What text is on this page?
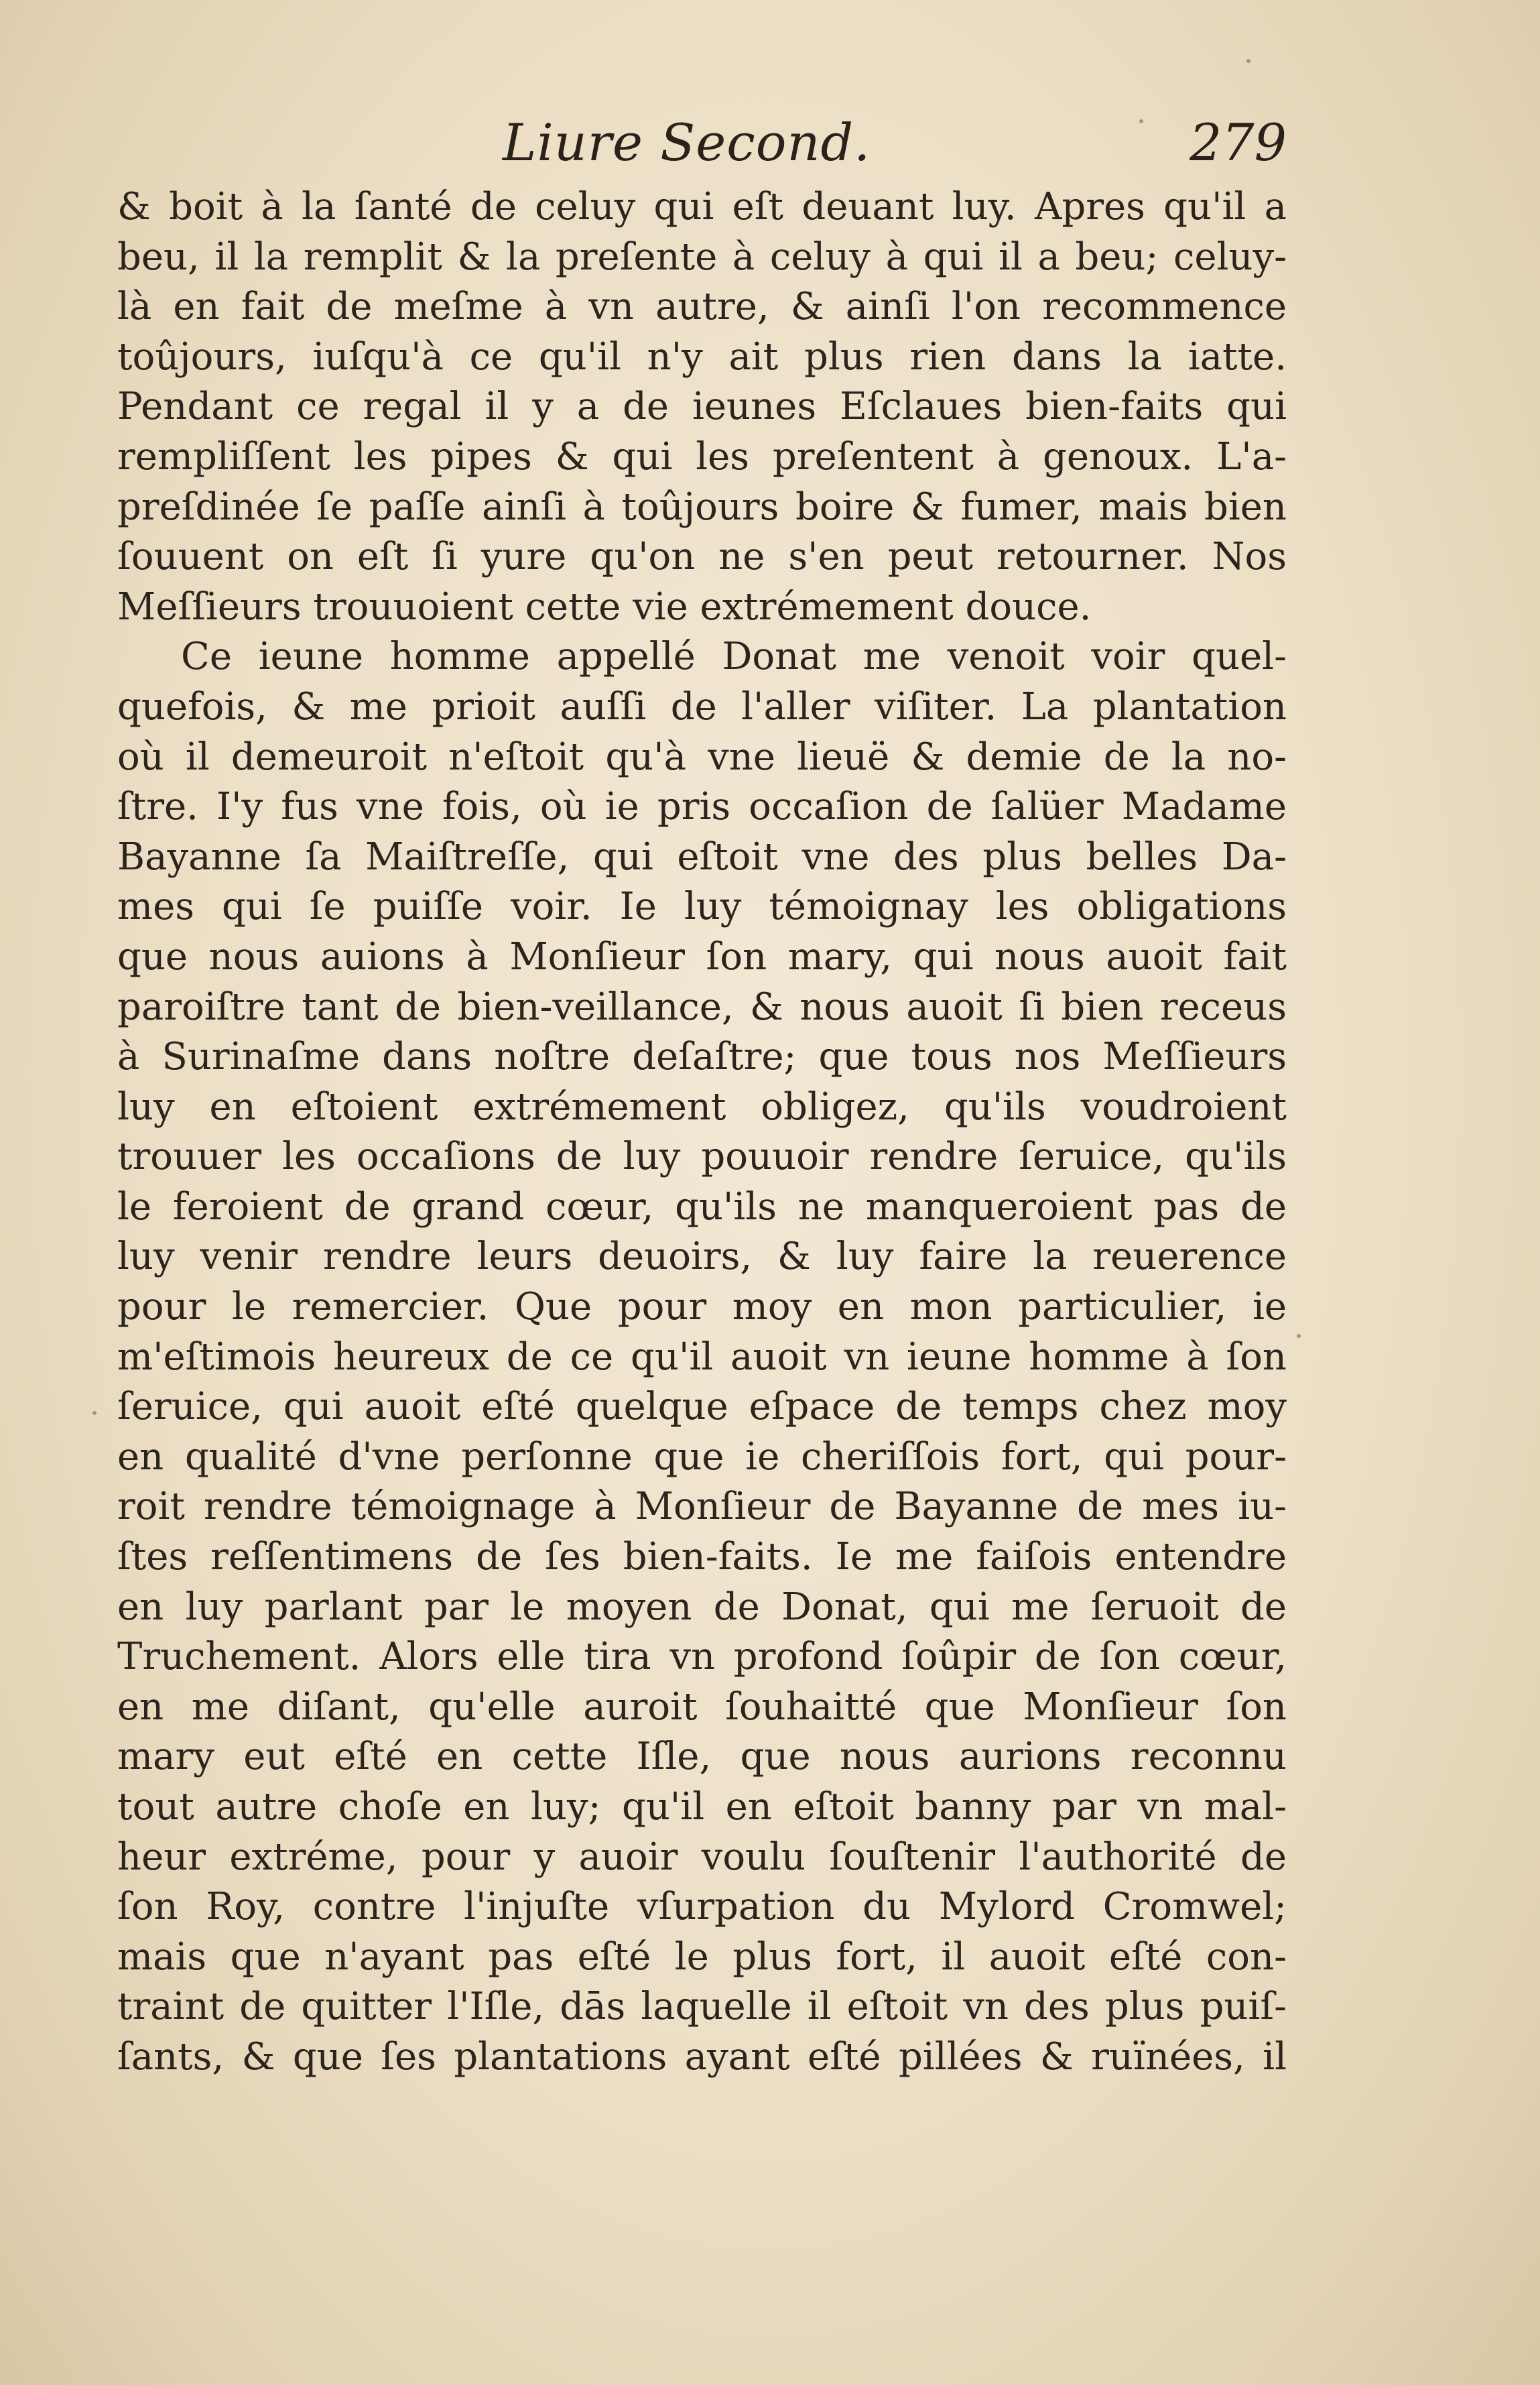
Liure Second.	279
& boit à la ſanté de celuy qui eſt deuant luy. Apres qu'il a
beu, il la remplit & la preſente à celuy à qui il a beu; celuy-
là en fait de meſme à vn autre, & ainſi l'on recommence
toûjours, iuſqu'à ce qu'il n'y ait plus rien dans la iatte.
Pendant ce regal il y a de ieunes Eſclaues bien-faits qui
rempliſſent les pipes & qui les preſentent à genoux. L'a-
preſdinée ſe paſſe ainſi à toûjours boire & fumer, mais bien
ſouuent on eſt ſi yure qu'on ne s'en peut retourner. Nos
Meſſieurs trouuoient cette vie extrémement douce.
Ce ieune homme appellé Donat me venoit voir quel-
quefois, & me prioit auſſi de l'aller viſiter. La plantation
où il demeuroit n'eſtoit qu'à vne lieuë & demie de la no-
ſtre. I'y fus vne fois, où ie pris occaſion de ſalüer Madame
Bayanne ſa Maiſtreſſe, qui eſtoit vne des plus belles Da-
mes qui ſe puiſſe voir. Ie luy témoignay les obligations
que nous auions à Monſieur ſon mary, qui nous auoit fait
paroiſtre tant de bien-veillance, & nous auoit ſi bien receus
à Surinaſme dans noſtre deſaſtre; que tous nos Meſſieurs
luy en eſtoient extrémement obligez, qu'ils voudroient
trouuer les occaſions de luy pouuoir rendre ſeruice, qu'ils
le feroient de grand cœur, qu'ils ne manqueroient pas de
luy venir rendre leurs deuoirs, & luy faire la reuerence
pour le remercier. Que pour moy en mon particulier, ie
m'eſtimois heureux de ce qu'il auoit vn ieune homme à ſon
ſeruice, qui auoit eſté quelque eſpace de temps chez moy
en qualité d'vne perſonne que ie cheriſſois fort, qui pour-
roit rendre témoignage à Monſieur de Bayanne de mes iu-
ſtes reſſentimens de ſes bien-faits. Ie me faiſois entendre
en luy parlant par le moyen de Donat, qui me ſeruoit de
Truchement. Alors elle tira vn profond ſoûpir de ſon cœur,
en me diſant, qu'elle auroit ſouhaitté que Monſieur ſon
mary eut eſté en cette Iſle, que nous aurions reconnu
tout autre choſe en luy; qu'il en eſtoit banny par vn mal-
heur extréme, pour y auoir voulu ſouſtenir l'authorité de
ſon Roy, contre l'injuſte vſurpation du Mylord Cromwel;
mais que n'ayant pas eſté le plus fort, il auoit eſté con-
traint de quitter l'Iſle, dās laquelle il eſtoit vn des plus puiſ-
ſants, & que ſes plantations ayant eſté pillées & ruïnées, il
